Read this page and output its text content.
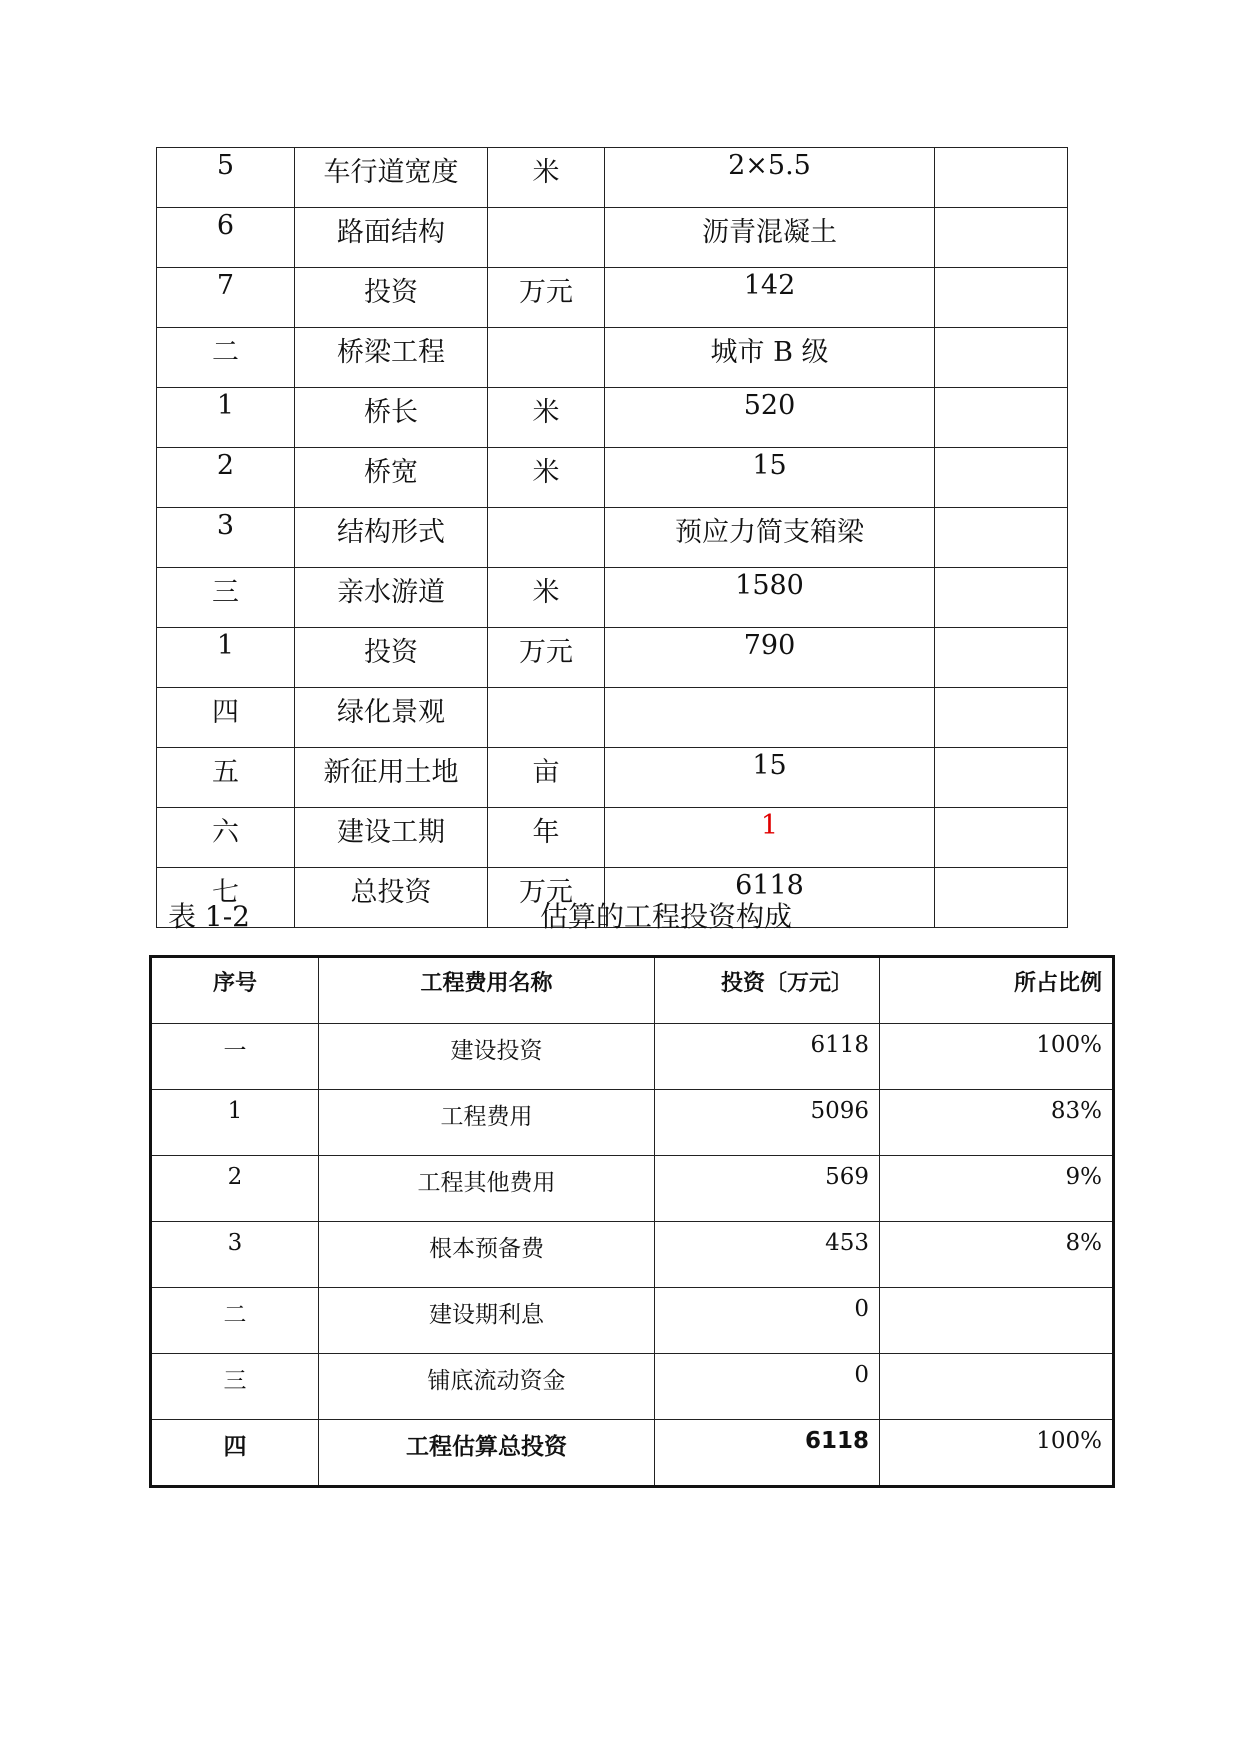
5	车行道宽度	米	2×5.5	
6	路面结构		沥青混凝土	
7	投资	万元	142	
二	桥梁工程		城市 B 级	
1	桥长	米	520	
2	桥宽	米	15	
3	结构形式		预应力简支箱梁	
三	亲水游道	米	1580	
1	投资	万元	790	
四	绿化景观			
五	新征用土地	亩	15	
六	建设工期	年	1	
七	总投资	万元	6118	
表 1-2	估算的工程投资构成
序号	工程费用名称	投资〔万元〕	所占比例
一	建设投资	6118	100%
1	工程费用	5096	83%
2	工程其他费用	569	9%
3	根本预备费	453	8%
二	建设期利息	0	
三	铺底流动资金	0	
四	工程估算总投资	6118	100%
